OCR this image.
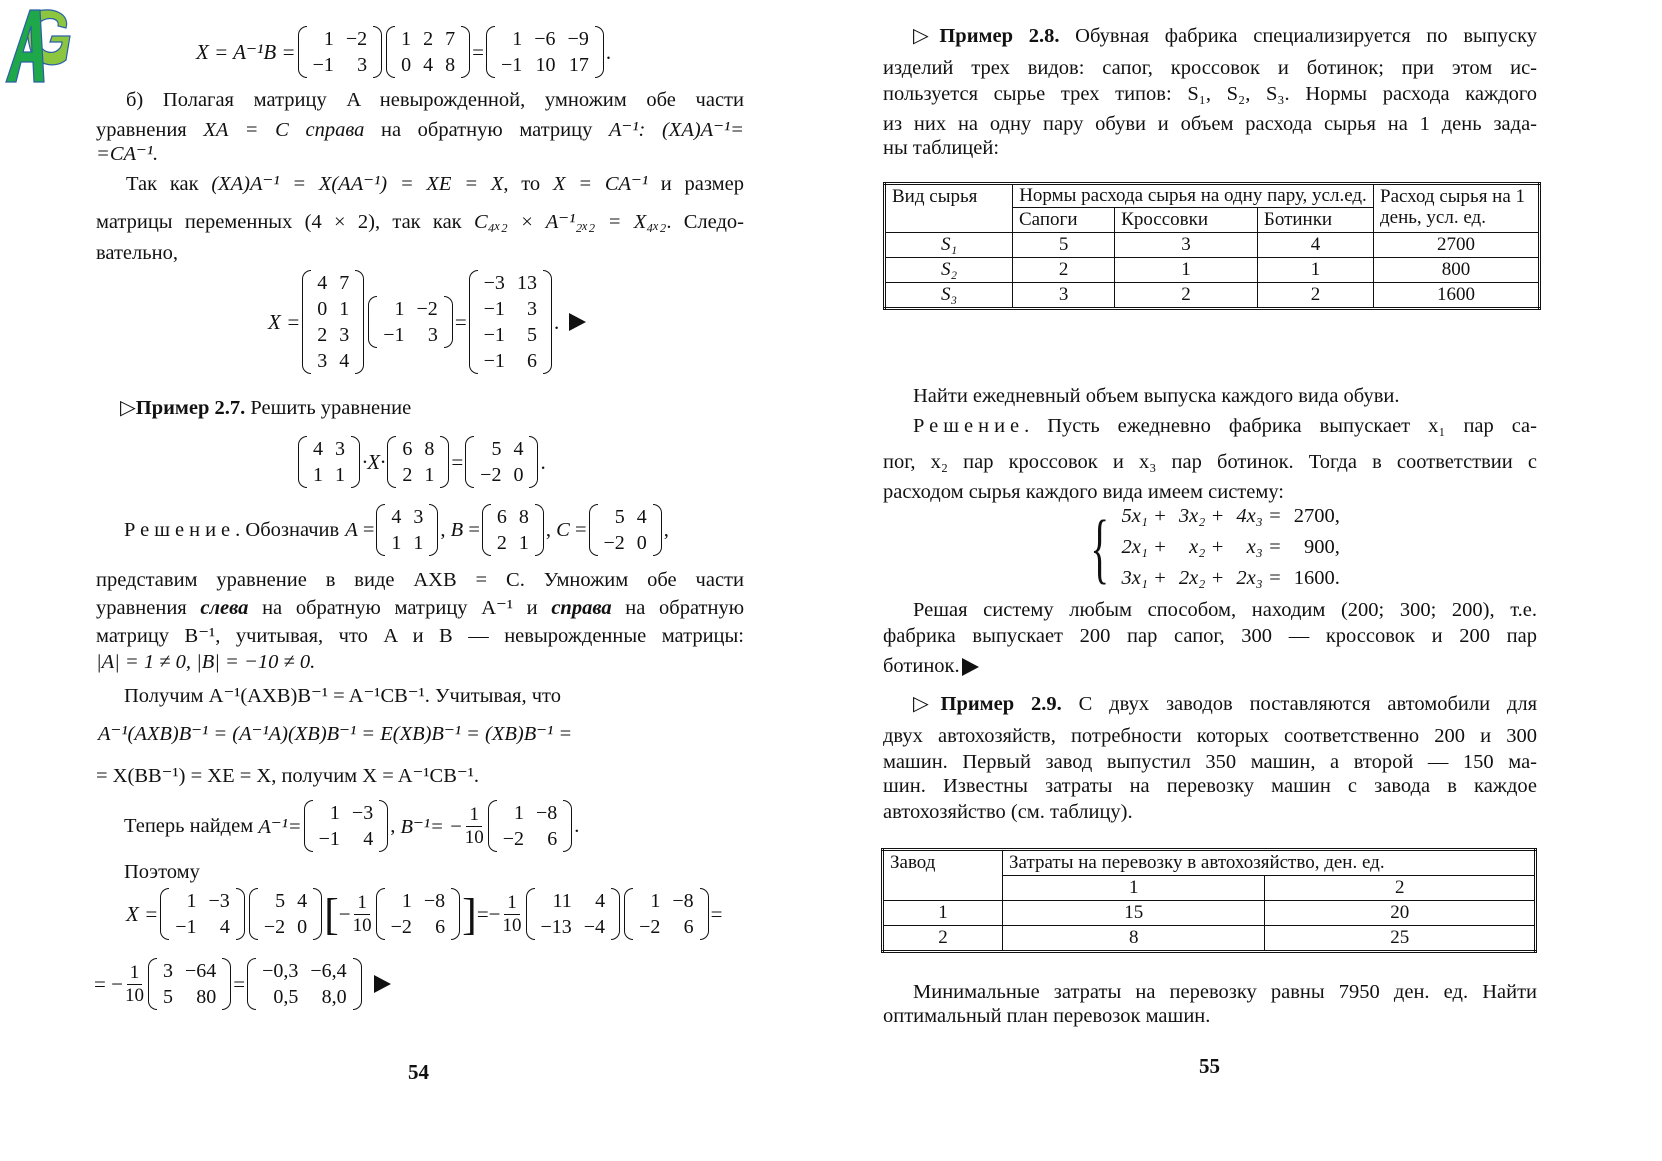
X = A⁻¹B =
1	−2
−1	3
1	2	7
0	4	8
=
1	−6	−9
−1	10	17
.
б) Полагая матрицу A невырожденной, умножим обе части
уравнения XA = C справа на обратную матрицу A⁻¹: (XA)A⁻¹=
=CA⁻¹.
Так как (XA)A⁻¹ = X(AA⁻¹) = XE = X, то X = CA⁻¹ и размер
матрицы переменных (4 × 2), так как C₄ₓ₂ × A⁻¹₂ₓ₂ = X₄ₓ₂. Следо-
вательно,
X =
4	7
0	1
2	3
3	4
1	−2
−1	3
=
−3	13
−1	3
−1	5
−1	6
.
▷Пример 2.7. Решить уравнение
4	3
1	1
·X·
6	8
2	1
=
5	4
−2	0
.
Решение . Обозначив A =
4	3
1	1
, B =
6	8
2	1
, C =
5	4
−2	0
,
представим уравнение в виде AXB = C. Умножим обе части
уравнения слева на обратную матрицу A⁻¹ и справа на обратную
матрицу B⁻¹, учитывая, что A и B — невырожденные матрицы:
|A| = 1 ≠ 0, |B| = −10 ≠ 0.
Получим A⁻¹(AXB)B⁻¹ = A⁻¹CB⁻¹. Учитывая, что
A⁻¹(AXB)B⁻¹ = (A⁻¹A)(XB)B⁻¹ = E(XB)B⁻¹ = (XB)B⁻¹ =
= X(BB⁻¹) = XE = X, получим X = A⁻¹CB⁻¹.
Теперь найдем
A⁻¹=
1	−3
−1	4
, $B^{-1}= - \frac{1}{10} 1$	−8
−2	6
.
Поэтому
X =
1	−3
−1	4
5	4
−2	0 [ − $\frac{1}{10} 1$	−8
−2	6 ] =− $\frac{1}{10} 11$	4
−13	−4
1	−8
−2	6
=
= − $\frac{1}{10} 3$	−64
5	80
=
−0,3	−6,4
0,5	8,0
54
▷Пример 2.8. Обувная фабрика специализируется по выпуску
изделий трех видов: сапог, кроссовок и ботинок; при этом ис-
пользуется сырье трех типов: S₁, S₂, S₃. Нормы расхода каждого
из них на одну пару обуви и объем расхода сырья на 1 день зада-
ны таблицей:
Вид сырья	Нормы расхода сырья на одну пару, усл.ед.			Расход сырья на 1 день, усл. ед.
	Сапоги	Кроссовки	Ботинки	
S₁	5	3	4	2700
S₂	2	1	1	800
S₃	3	2	2	1600
Найти ежедневный объем выпуска каждого вида обуви.
Решение. Пусть ежедневно фабрика выпускает x₁ пар са-
пог, x₂ пар кроссовок и x₃ пар ботинок. Тогда в соответствии с
расходом сырья каждого вида имеем систему:
{ 5x₁ +	3x₂ +	4x₃ =	2700,
2x₁ +	x₂ +	x₃ =	900,
3x₁ +	2x₂ +	2x₃ =	1600.
Решая систему любым способом, находим (200; 300; 200), т.е.
фабрика выпускает 200 пар сапог, 300 — кроссовок и 200 пар
ботинок.
▷Пример 2.9. С двух заводов поставляются автомобили для
двух автохозяйств, потребности которых соответственно 200 и 300
машин. Первый завод выпустил 350 машин, а второй — 150 ма-
шин. Известны затраты на перевозку машин с завода в каждое
автохозяйство (см. таблицу).
Завод	Затраты на перевозку в автохозяйство, ден. ед.	
	1	2
1	15	20
2	8	25
Минимальные затраты на перевозку равны 7950 ден. ед. Найти
оптимальный план перевозок машин.
55
